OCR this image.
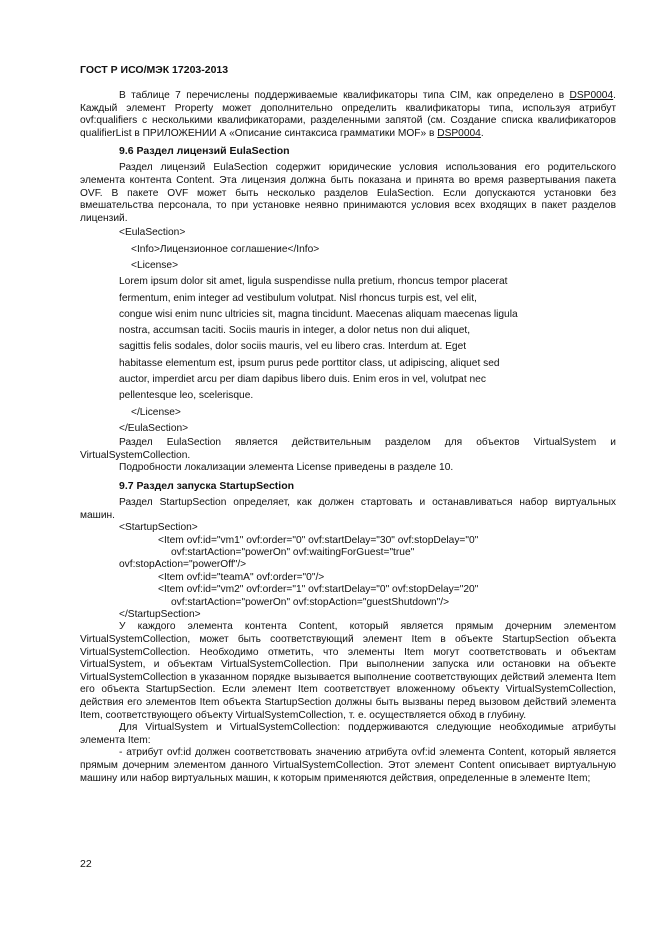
ГОСТ Р ИСО/МЭК 17203-2013

В таблице 7 перечислены поддерживаемые квалификаторы типа CIM, как определено в DSP0004. Каждый элемент Property может дополнительно определить квалификаторы типа, используя атрибут ovf:qualifiers с несколькими квалификаторами, разделенными запятой (см. Создание списка квалификаторов qualifierList в ПРИЛОЖЕНИИ А «Описание синтаксиса грамматики MOF» в DSP0004.

9.6 Раздел лицензий EulaSection

Раздел лицензий EulaSection содержит юридические условия использования его родительского элемента контента Content. Эта лицензия должна быть показана и принята во время развертывания пакета OVF. В пакете OVF может быть несколько разделов EulaSection. Если допускаются установки без вмешательства персонала, то при установке неявно принимаются условия всех входящих в пакет разделов лицензий.

<EulaSection>
<Info>Лицензионное соглашение</Info>
<License>
Lorem ipsum dolor sit amet, ligula suspendisse nulla pretium, rhoncus tempor placerat
fermentum, enim integer ad vestibulum volutpat. Nisl rhoncus turpis est, vel elit,
congue wisi enim nunc ultricies sit, magna tincidunt. Maecenas aliquam maecenas ligula
nostra, accumsan taciti. Sociis mauris in integer, a dolor netus non dui aliquet,
sagittis felis sodales, dolor sociis mauris, vel eu libero cras. Interdum at. Eget
habitasse elementum est, ipsum purus pede porttitor class, ut adipiscing, aliquet sed
auctor, imperdiet arcu per diam dapibus libero duis. Enim eros in vel, volutpat nec
pellentesque leo, scelerisque.
</License>
</EulaSection>

Раздел EulaSection является действительным разделом для объектов VirtualSystem и VirtualSystemCollection.

Подробности локализации элемента License приведены в разделе 10.

9.7 Раздел запуска StartupSection

Раздел StartupSection определяет, как должен стартовать и останавливаться набор виртуальных машин.

<StartupSection>
<Item ovf:id="vm1" ovf:order="0" ovf:startDelay="30" ovf:stopDelay="0"
ovf:startAction="powerOn" ovf:waitingForGuest="true"
ovf:stopAction="powerOff"/>
<Item ovf:id="teamA" ovf:order="0"/>
<Item ovf:id="vm2" ovf:order="1" ovf:startDelay="0" ovf:stopDelay="20"
ovf:startAction="powerOn" ovf:stopAction="guestShutdown"/>
</StartupSection>

У каждого элемента контента Content, который является прямым дочерним элементом VirtualSystemCollection, может быть соответствующий элемент Item в объекте StartupSection объекта VirtualSystemCollection. Необходимо отметить, что элементы Item могут соответствовать и объектам VirtualSystem, и объектам VirtualSystemCollection. При выполнении запуска или остановки на объекте VirtualSystemCollection в указанном порядке вызывается выполнение соответствующих действий элемента Item его объекта StartupSection. Если элемент Item соответствует вложенному объекту VirtualSystemCollection, действия его элементов Item объекта StartupSection должны быть вызваны перед вызовом действий элемента Item, соответствующего объекту VirtualSystemCollection, т. е. осуществляется обход в глубину.

Для VirtualSystem и VirtualSystemCollection: поддерживаются следующие необходимые атрибуты элемента Item:

- атрибут ovf:id должен соответствовать значению атрибута ovf:id элемента Content, который является прямым дочерним элементом данного VirtualSystemCollection. Этот элемент Content описывает виртуальную машину или набор виртуальных машин, к которым применяются действия, определенные в элементе Item;

22
